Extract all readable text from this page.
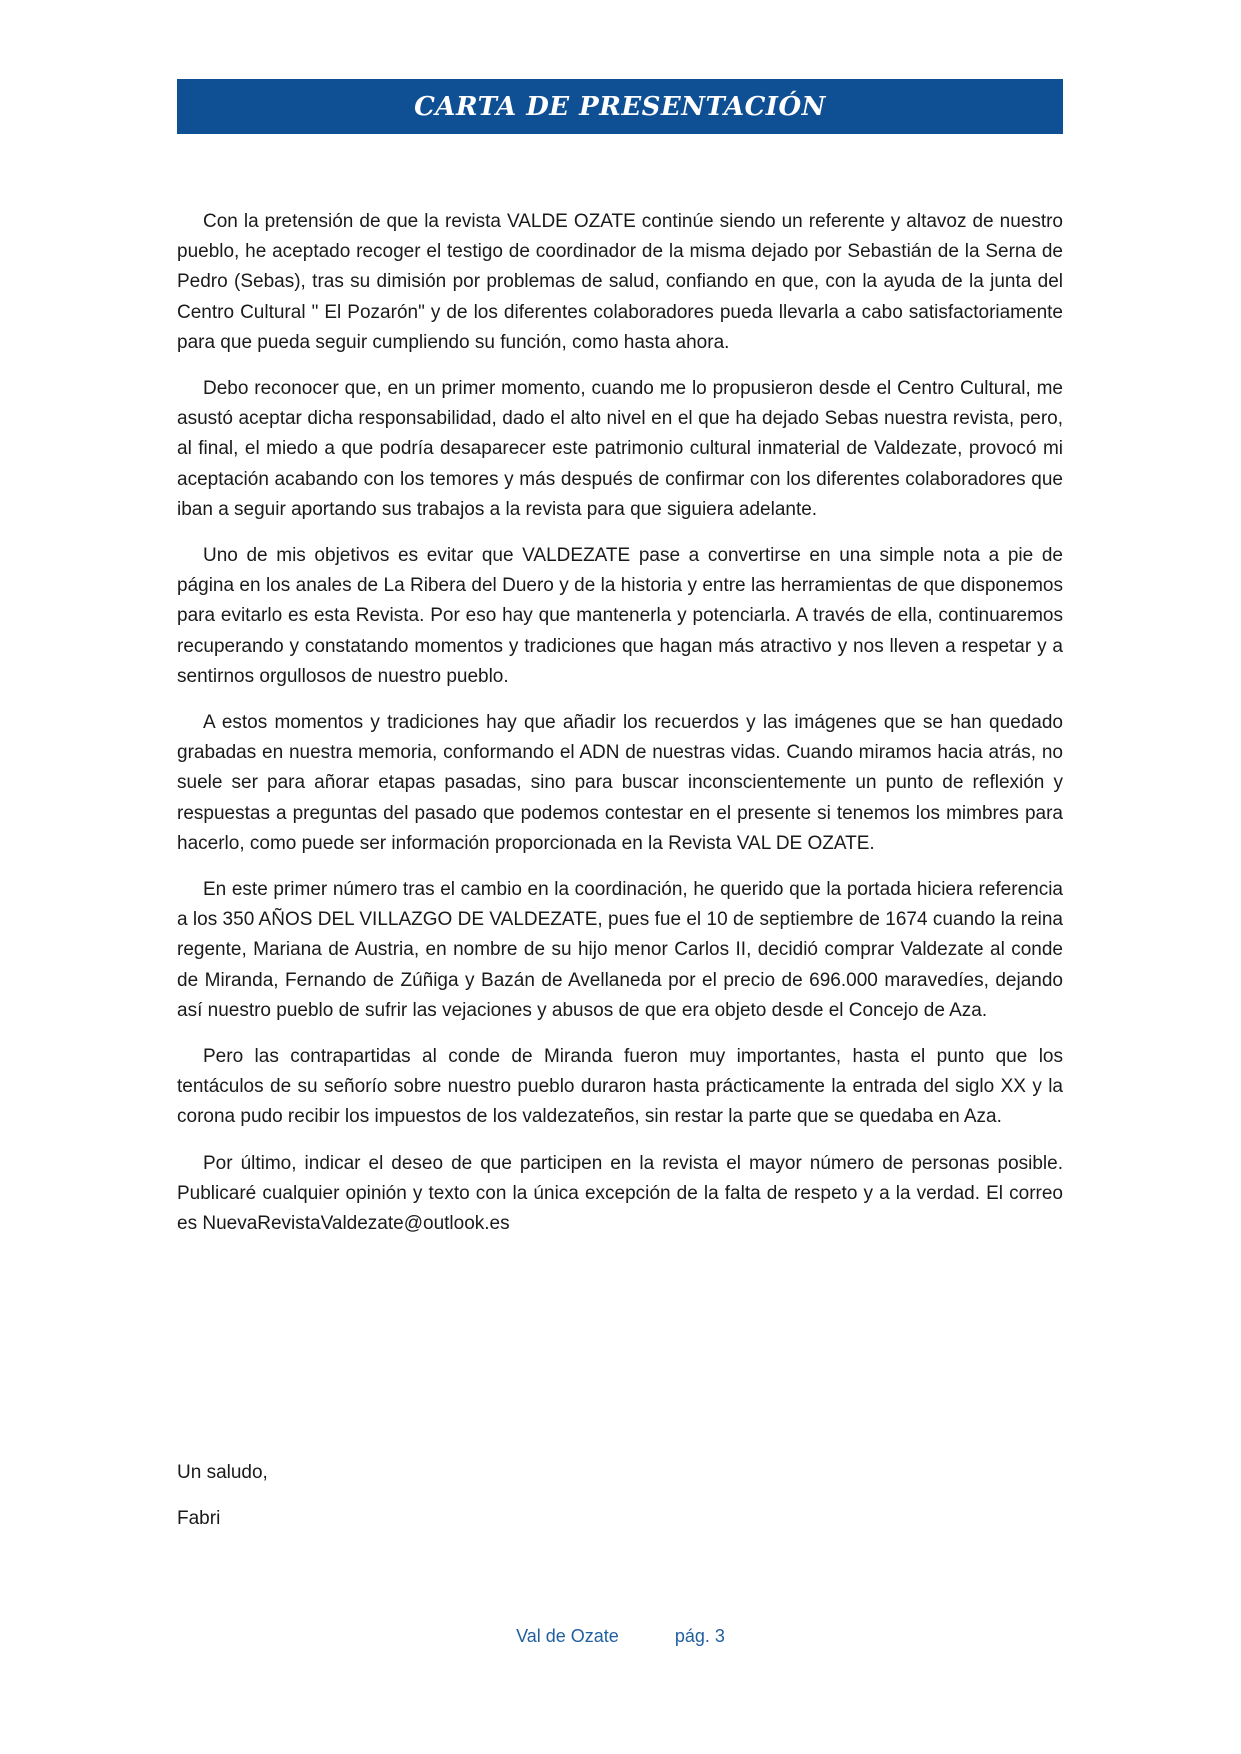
CARTA DE PRESENTACIÓN

Con la pretensión de que la revista VALDE OZATE continúe siendo un referente y altavoz de nuestro pueblo, he aceptado recoger el testigo de coordinador de la misma dejado por Sebastián de la Serna de Pedro (Sebas), tras su dimisión por problemas de salud, confiando en que, con la ayuda de la junta del Centro Cultural " El Pozarón" y de los diferentes colaboradores pueda llevarla a cabo satisfactoriamente para que pueda seguir cumpliendo su función, como hasta ahora.

Debo reconocer que, en un primer momento, cuando me lo propusieron desde el Centro Cultural, me asustó aceptar dicha responsabilidad, dado el alto nivel en el que ha dejado Sebas nuestra revista, pero, al final, el miedo a que podría desaparecer este patrimonio cultural inmaterial de Valdezate, provocó mi aceptación acabando con los temores y más después de confirmar con los diferentes colaboradores que iban a seguir aportando sus trabajos a la revista para que siguiera adelante.

Uno de mis objetivos es evitar que VALDEZATE pase a convertirse en una simple nota a pie de página en los anales de La Ribera del Duero y de la historia y entre las herramientas de que disponemos para evitarlo es esta Revista. Por eso hay que mantenerla y potenciarla. A través de ella, continuaremos recuperando y constatando momentos y tradiciones que hagan más atractivo y nos lleven a respetar y a sentirnos orgullosos de nuestro pueblo.

A estos momentos y tradiciones hay que añadir los recuerdos y las imágenes que se han quedado grabadas en nuestra memoria, conformando el ADN de nuestras vidas. Cuando miramos hacia atrás, no suele ser para añorar etapas pasadas, sino para buscar inconscientemente un punto de reflexión y respuestas a preguntas del pasado que podemos contestar en el presente si tenemos los mimbres para hacerlo, como puede ser información proporcionada en la Revista VAL DE OZATE.

En este primer número tras el cambio en la coordinación, he querido que la portada hiciera referencia a los 350 AÑOS DEL VILLAZGO DE VALDEZATE, pues fue el 10 de septiembre de 1674 cuando la reina regente, Mariana de Austria, en nombre de su hijo menor Carlos II, decidió comprar Valdezate al conde de Miranda, Fernando de Zúñiga y Bazán de Avellaneda por el precio de 696.000 maravedíes, dejando así nuestro pueblo de sufrir las vejaciones y abusos de que era objeto desde el Concejo de Aza.

Pero las contrapartidas al conde de Miranda fueron muy importantes, hasta el punto que los tentáculos de su señorío sobre nuestro pueblo duraron hasta prácticamente la entrada del siglo XX y la corona pudo recibir los impuestos de los valdezateños, sin restar la parte que se quedaba en Aza.

Por último, indicar el deseo de que participen en la revista el mayor número de personas posible. Publicaré cualquier opinión y texto con la única excepción de la falta de respeto y a la verdad. El correo es NuevaRevistaValdezate@outlook.es

Un saludo,
Fabri
Val de Ozate	pág. 3
